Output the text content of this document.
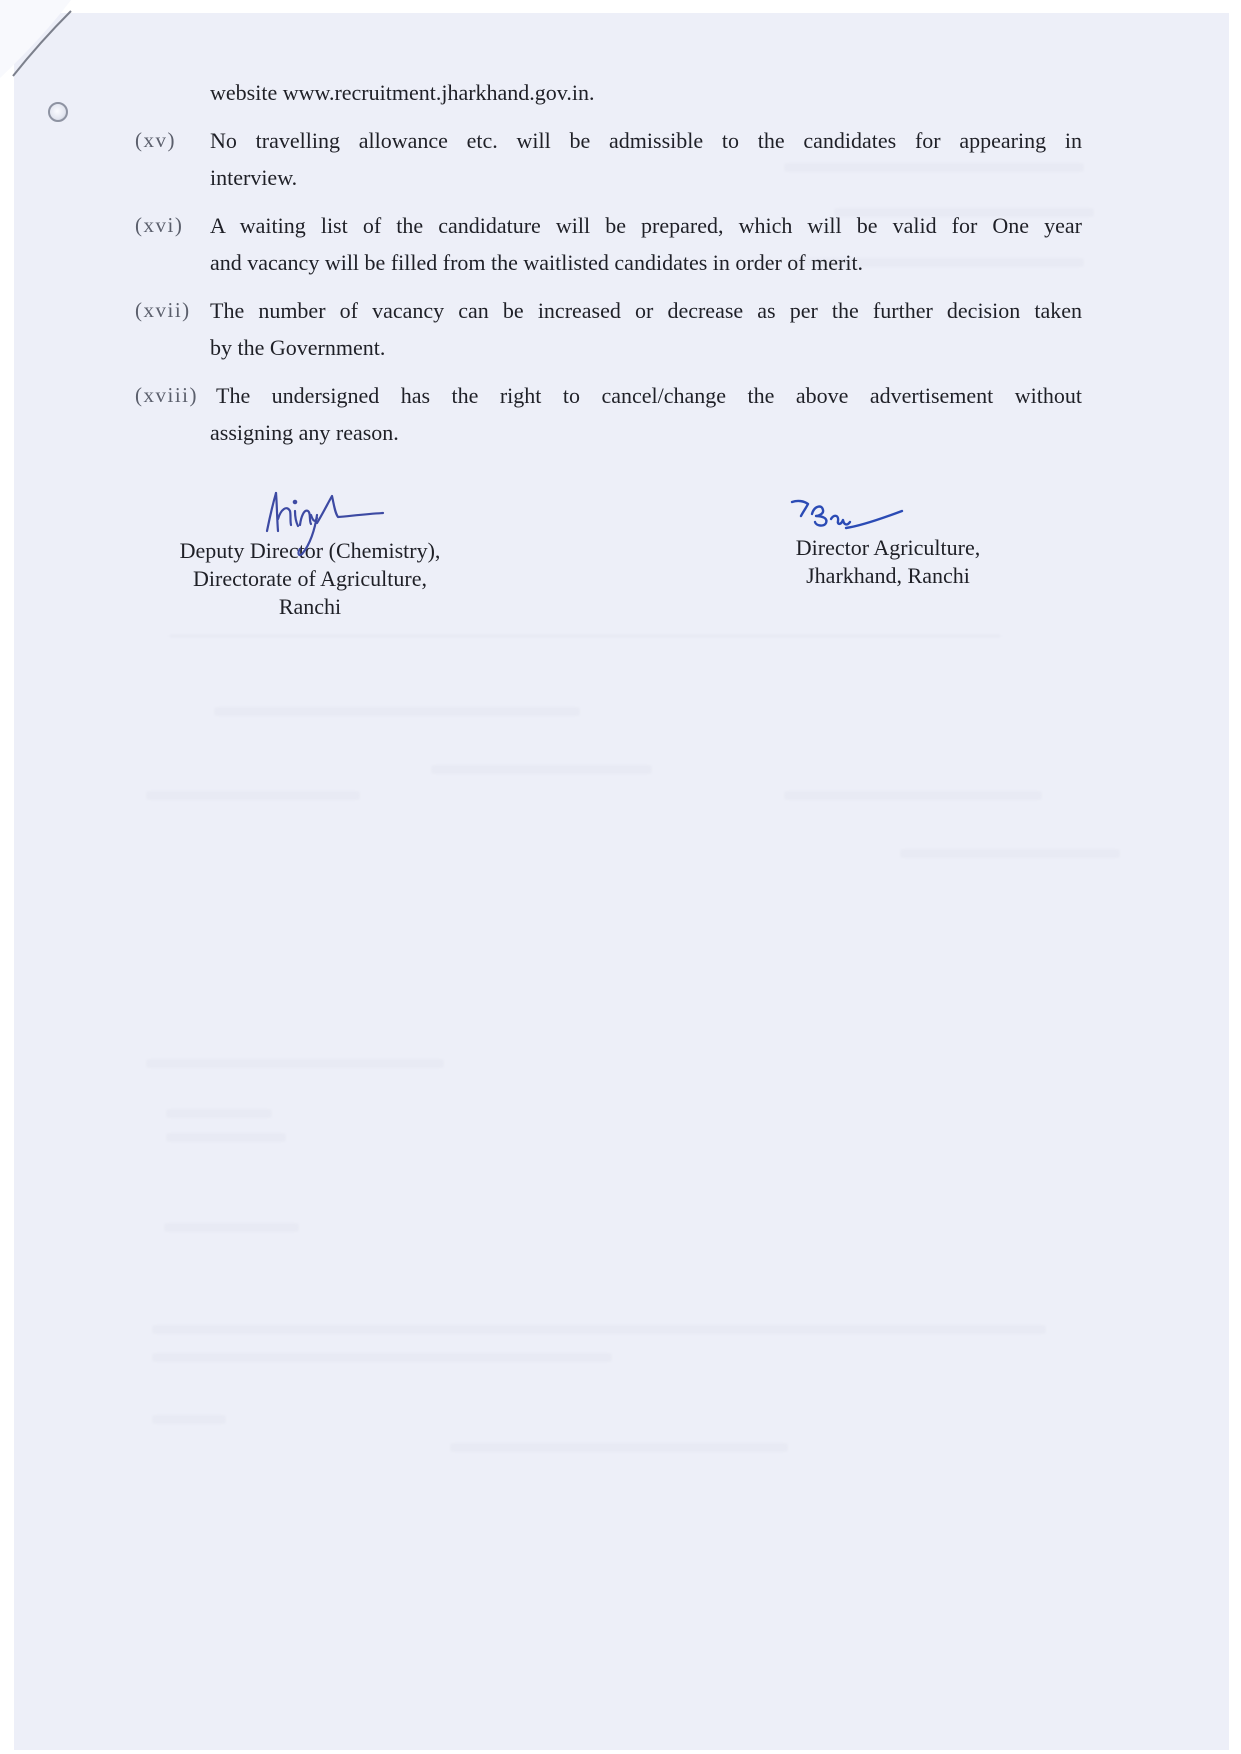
website www.recruitment.jharkhand.gov.in.
(xv) No travelling allowance etc. will be admissible to the candidates for appearing in
interview.
(xvi) A waiting list of the candidature will be prepared, which will be valid for One year
and vacancy will be filled from the waitlisted candidates in order of merit.
(xvii) The number of vacancy can be increased or decrease as per the further decision taken
by the Government.
(xviii) The undersigned has the right to cancel/change the above advertisement without
assigning any reason.
Deputy Director (Chemistry),
Directorate of Agriculture,
Ranchi
Director Agriculture,
Jharkhand, Ranchi
